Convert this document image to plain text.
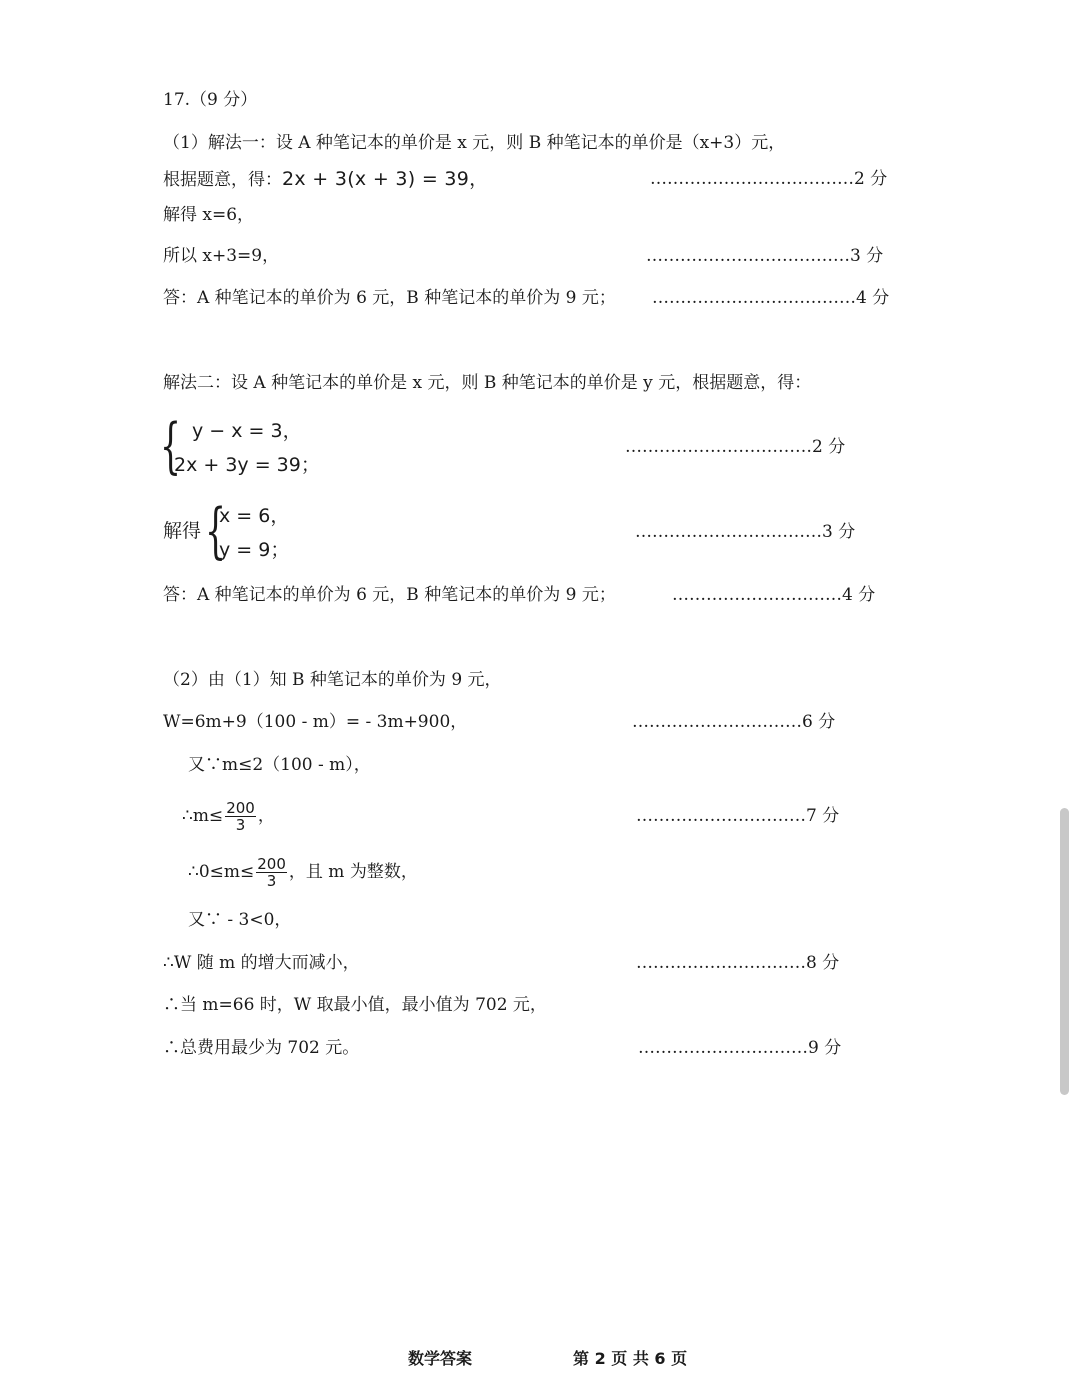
17.（9 分）
（1）解法一：设 A 种笔记本的单价是 x 元，则 B 种笔记本的单价是（x+3）元，
根据题意，得：2x + 3(x + 3) = 39，	………………………………2 分
解得 x=6，
所以 x+3=9，	………………………………3 分
答：A 种笔记本的单价为 6 元，B 种笔记本的单价为 9 元； ………………………………4 分
解法二：设 A 种笔记本的单价是 x 元，则 B 种笔记本的单价是 y 元，根据题意，得：
{ y − x = 3，
2x + 3y = 39；
……………………………2 分
解得 {
x = 6，
y = 9；
……………………………3 分
答：A 种笔记本的单价为 6 元，B 种笔记本的单价为 9 元；	…………………………4 分
（2）由（1）知 B 种笔记本的单价为 9 元，
W=6m+9（100 - m）= - 3m+900，	…………………………6 分
又∵m≤2（100 - m），
∴m≤ $\frac{200}{3}$ ，	…………………………7 分
∴0≤m≤ $\frac{200}{3}$ ，且 m 为整数，
又∵ - 3<0，
∴W 随 m 的增大而减小，	…………………………8 分
∴当 m=66 时，W 取最小值，最小值为 702 元，
∴总费用最少为 702 元。	…………………………9 分
数学答案	第 2 页 共 6 页
